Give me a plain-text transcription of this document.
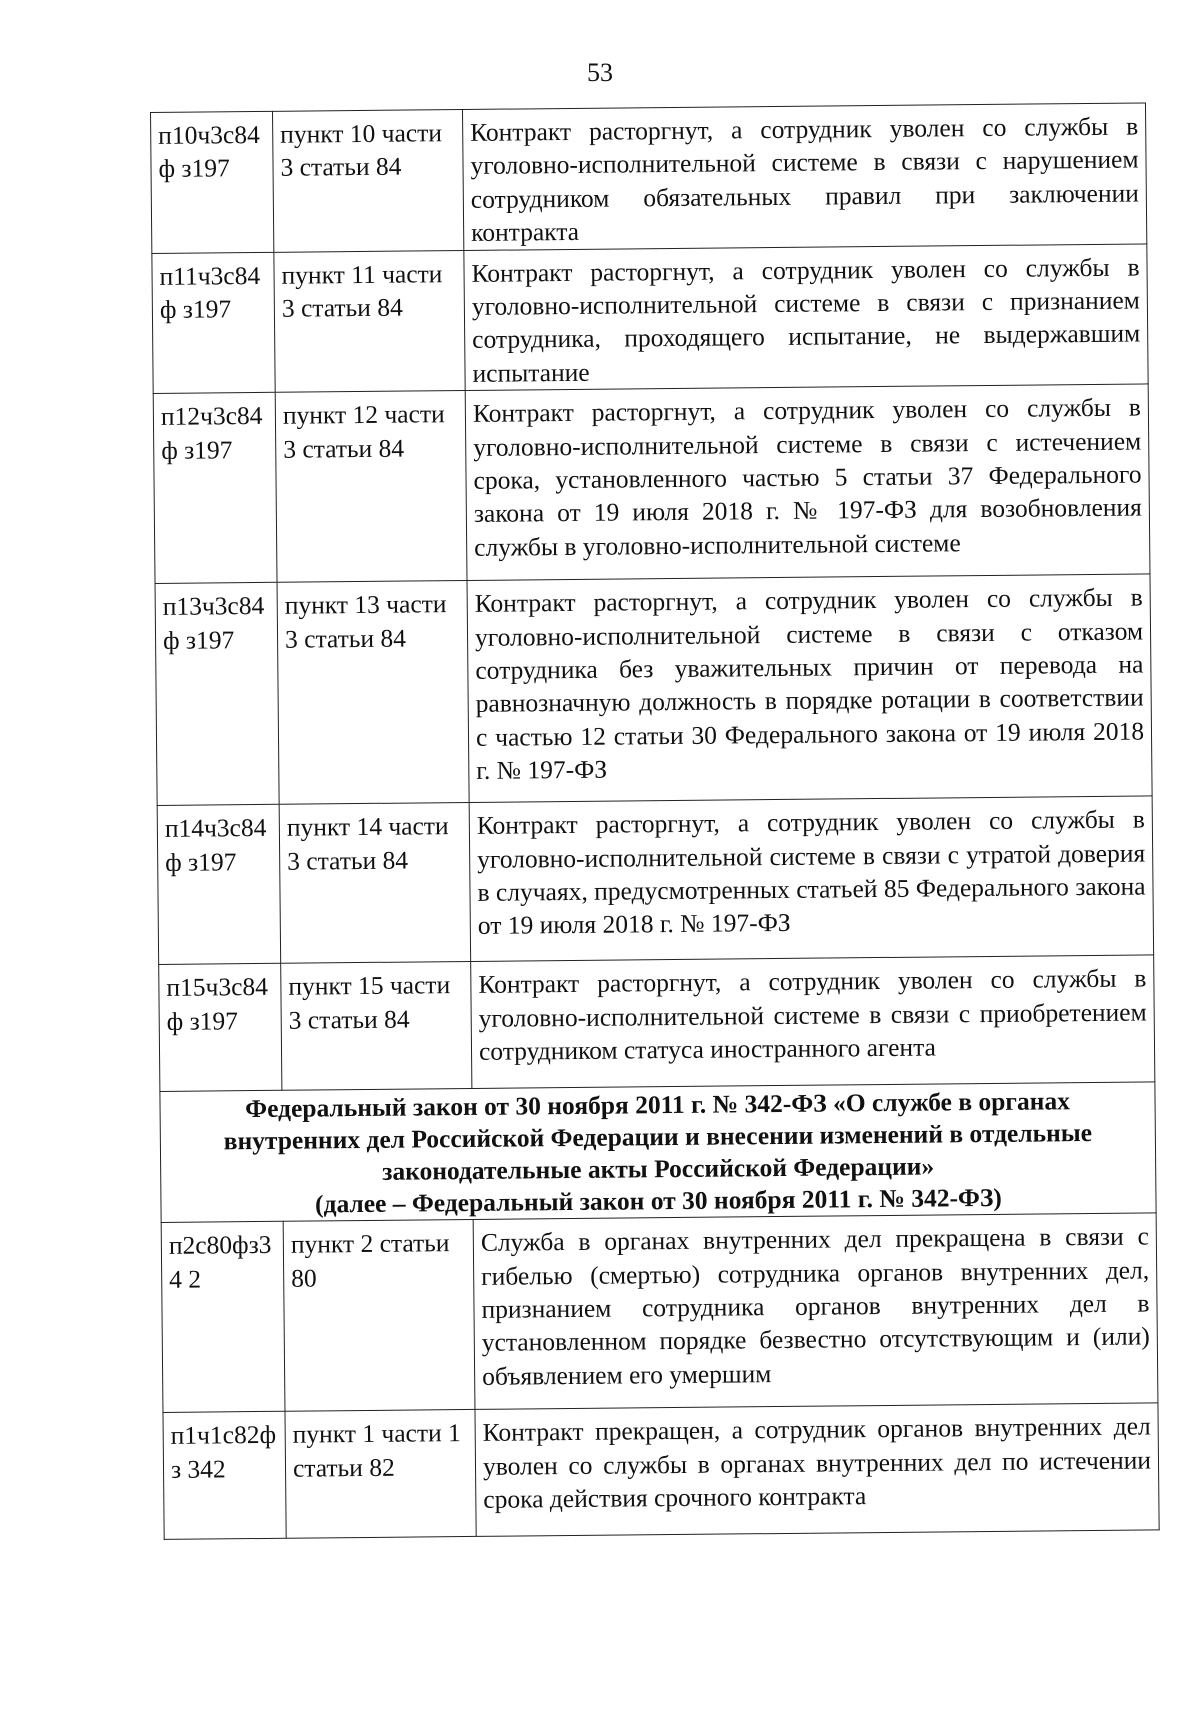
53
п10ч3с84ф з197	пункт 10 части 3 статьи 84	Контракт расторгнут, а сотрудник уволен со службы в уголовно-исполнительной системе в связи с нарушением сотрудником обязательных правил при заключении контракта
п11ч3с84ф з197	пункт 11 части 3 статьи 84	Контракт расторгнут, а сотрудник уволен со службы в уголовно-исполнительной системе в связи с признанием сотрудника, проходящего испытание, не выдержавшим испытание
п12ч3с84ф з197	пункт 12 части 3 статьи 84	Контракт расторгнут, а сотрудник уволен со службы в уголовно-исполнительной системе в связи с истечением срока, установленного частью 5 статьи 37 Федерального закона от 19 июля 2018 г. № 197-ФЗ для возобновления службы в уголовно-исполнительной системе
п13ч3с84ф з197	пункт 13 части 3 статьи 84	Контракт расторгнут, а сотрудник уволен со службы в уголовно-исполнительной системе в связи с отказом сотрудника без уважительных причин от перевода на равнозначную должность в порядке ротации в соответствии с частью 12 статьи 30 Федерального закона от 19 июля 2018 г. № 197-ФЗ
п14ч3с84ф з197	пункт 14 части 3 статьи 84	Контракт расторгнут, а сотрудник уволен со службы в уголовно-исполнительной системе в связи с утратой доверия в случаях, предусмотренных статьей 85 Федерального закона от 19 июля 2018 г. № 197-ФЗ
п15ч3с84ф з197	пункт 15 части 3 статьи 84	Контракт расторгнут, а сотрудник уволен со службы в уголовно-исполнительной системе в связи с приобретением сотрудником статуса иностранного агента

Федеральный закон от 30 ноября 2011 г. № 342-ФЗ «О службе в органах внутренних дел Российской Федерации и внесении изменений в отдельные законодательные акты Российской Федерации»
(далее – Федеральный закон от 30 ноября 2011 г. № 342-ФЗ)		

п2с80фз34 2	пункт 2 статьи 80	Служба в органах внутренних дел прекращена в связи с гибелью (смертью) сотрудника органов внутренних дел, признанием сотрудника органов внутренних дел в установленном порядке безвестно отсутствующим и (или) объявлением его умершим
п1ч1с82фз 342	пункт 1 части 1 статьи 82	Контракт прекращен, а сотрудник органов внутренних дел уволен со службы в органах внутренних дел по истечении срока действия срочного контракта
